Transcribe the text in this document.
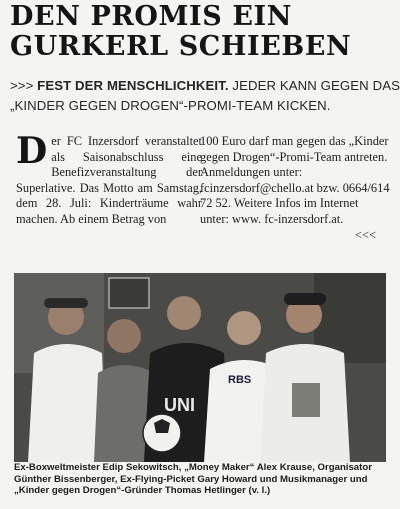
DEN PROMIS EIN
GURKERL SCHIEBEN
>>> FEST DER MENSCHLICHKEIT. JEDER KANN GEGEN DAS
„KINDER GEGEN DROGEN“-PROMI-TEAM KICKEN.
D er FC Inzersdorf veranstaltet als Saisonabschluss eine Benefizveranstaltung der Superlative. Das Motto am Samstag, dem 28. Juli: Kinderträume wahr machen. Ab einem Betrag von
100 Euro darf man gegen das „Kinder gegen Drogen“-Promi-Team antreten. Anmeldungen unter: fcinzersdorf@chello.at bzw. 0664/614 72 52. Weitere Infos im Internet unter: www. fc-inzersdorf.at.
<<<
UNI
RBS
Ex-Boxweltmeister Edip Sekowitsch, „Money Maker“ Alex Krause, Organisator Günther Bissenberger, Ex-Flying-Picket Gary Howard und Musikmanager und „Kinder gegen Drogen“-Gründer Thomas Hetlinger (v. l.)
